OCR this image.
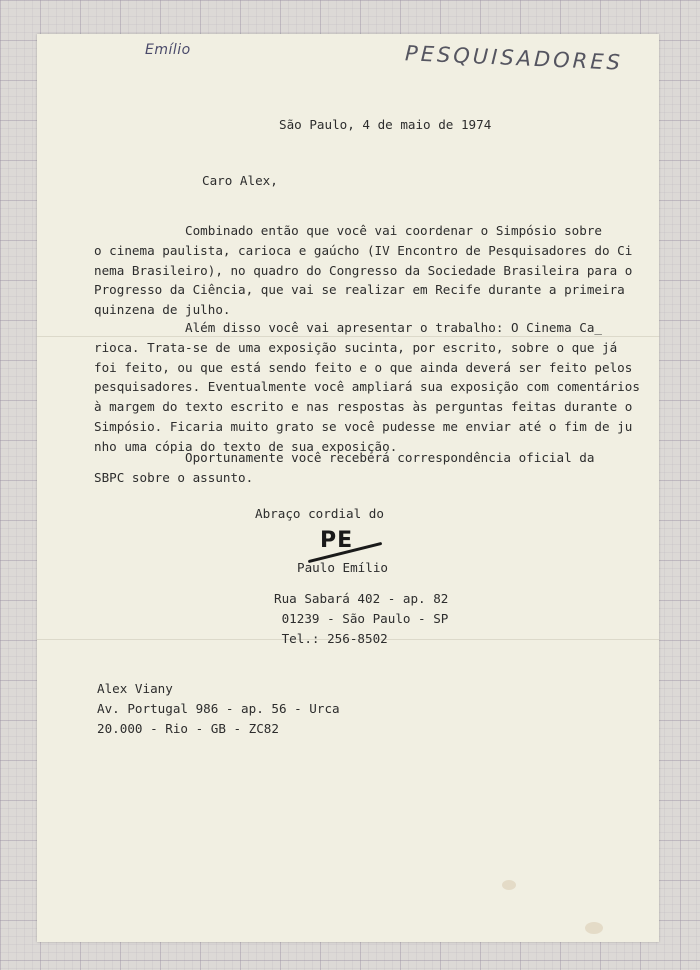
Emílio	PESQUISADORES
São Paulo, 4 de maio de 1974
Caro Alex,
Combinado então que você vai coordenar o Simpósio sobre
o cinema paulista, carioca e gaúcho (IV Encontro de Pesquisadores do Ci
nema Brasileiro), no quadro do Congresso da Sociedade Brasileira para o
Progresso da Ciência, que vai se realizar em Recife durante a primeira
quinzena de julho.
Além disso você vai apresentar o trabalho: O Cinema Ca_
rioca. Trata-se de uma exposição sucinta, por escrito, sobre o que já
foi feito, ou que está sendo feito e o que ainda deverá ser feito pelos
pesquisadores. Eventualmente você ampliará sua exposição com comentários
à margem do texto escrito e nas respostas às perguntas feitas durante o
Simpósio. Ficaria muito grato se você pudesse me enviar até o fim de ju
nho uma cópia do texto de sua exposição.
Oportunamente você receberá correspondência oficial da
SBPC sobre o assunto.
Abraço cordial do
PE
Paulo Emílio
Rua Sabará 402 - ap. 82
01239 - São Paulo - SP
Tel.: 256-8502
Alex Viany
Av. Portugal 986 - ap. 56 - Urca
20.000 - Rio - GB - ZC82
